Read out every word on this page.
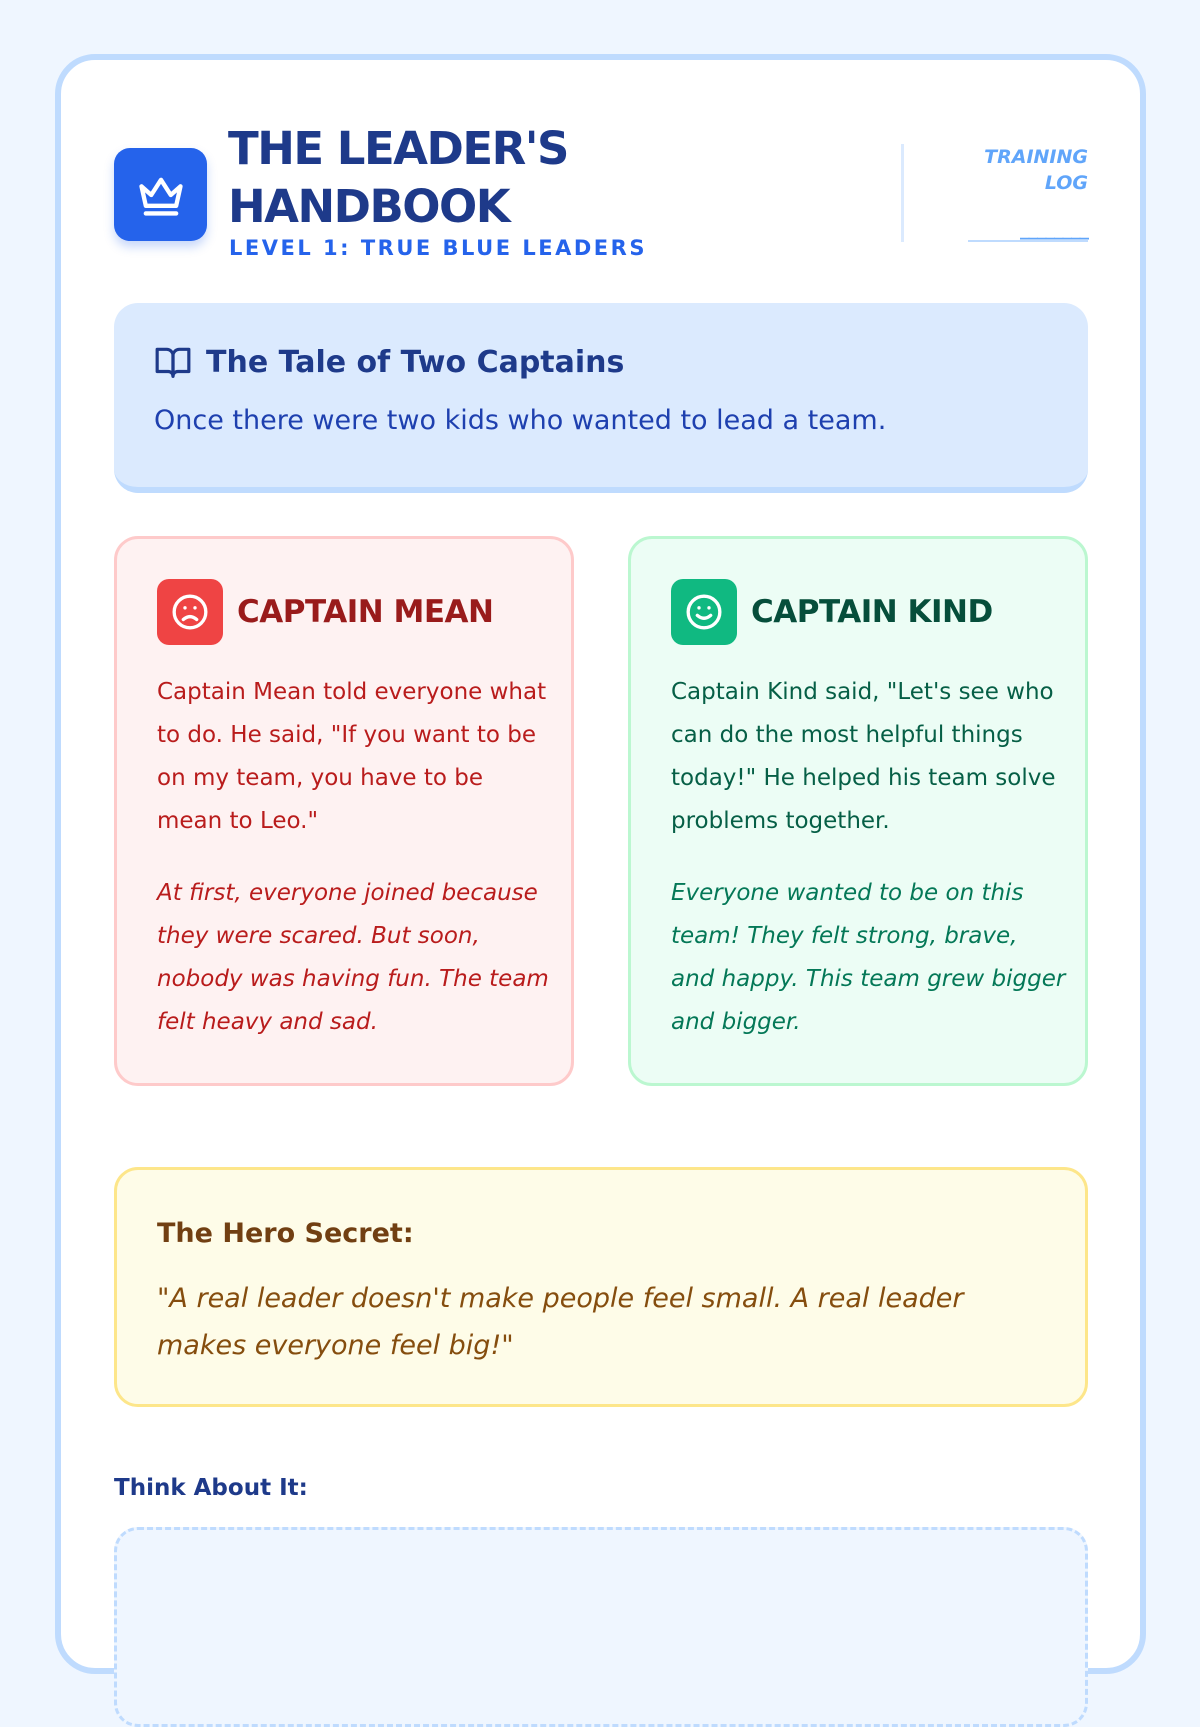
THE LEADER'S
HANDBOOK
LEVEL 1: TRUE BLUE LEADERS
TRAINING
LOG
________
The Tale of Two Captains
Once there were two kids who wanted to lead a team.
CAPTAIN MEAN
Captain Mean told everyone what to do. He said, "If you want to be on my team, you have to be mean to Leo."
At first, everyone joined because they were scared. But soon, nobody was having fun. The team felt heavy and sad.
CAPTAIN KIND
Captain Kind said, "Let's see who can do the most helpful things today!" He helped his team solve problems together.
Everyone wanted to be on this team! They felt strong, brave, and happy. This team grew bigger and bigger.
The Hero Secret:
"A real leader doesn't make people feel small. A real leader makes everyone feel big!"
Think About It:
